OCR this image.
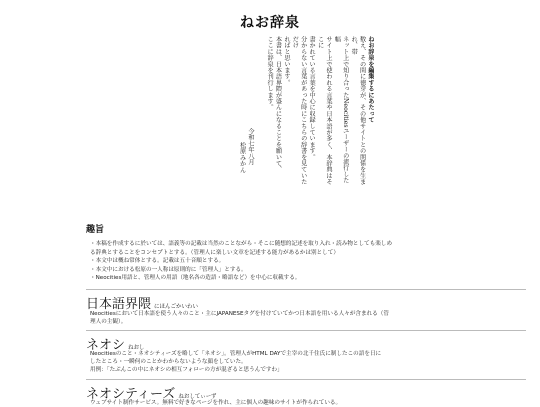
ねお辞泉

ねお辞泉を編集するにあたって

数え、その間に徳芽が、その他サイトとの関係を生まれ、帯

ネット上で知り合ったNeocitiesユーザーの流行した幅

サイト上で使われる言葉や日本語が多く、本辞典はそこに

書かれている言葉を中心に収録しています。

分からない言葉があった時にこちらの辞書を見ていただけ

ればと思います。

本書は、日本語界隈が盛んになることを願いて、

ここに辞泉を刊行します。

令和七年八月

松原みかん

趣旨
・本稿を作成するに於いては、語義等の記載は当然のことながら・そこに随想的記述を取り入れ・読み物としても楽しめ
る辞典とすることをコンセプトとする。（管理人に楽しい文章を記述する能力があるかは別として）
・本文中は概ね常体とする。記載は五十音順とする。
・本文中における松原の一人称は原則的に「管理人」とする。
・Neocities用語と、管理人の用語（地名各の造語・略語など）を中心に収載する。
日本語界隈 にほんごかいわい
Neocitiesにおいて日本語を使う人々のこと・主にJAPANESEタグを付けていてかつ日本語を用いる人々が含まれる（管
理人の主観）。
ネオシ ねおし
Neocitiesのこと・ネオシティーズを略して「ネオシ」。管理人がHTML DAYで主宰の北千住氏に制したこの語を日に
したところ・一瞬何のことかわからないような顔をしていた。
用例：「たぶんこの中にネオシの相互フォローの方が混ざると思うんですわ」
ネオシティーズ ねおしてぃーず
ウェブサイト制作サービス。無料で好きなページを作れ、主に個人の趣味のサイトが作られている。
